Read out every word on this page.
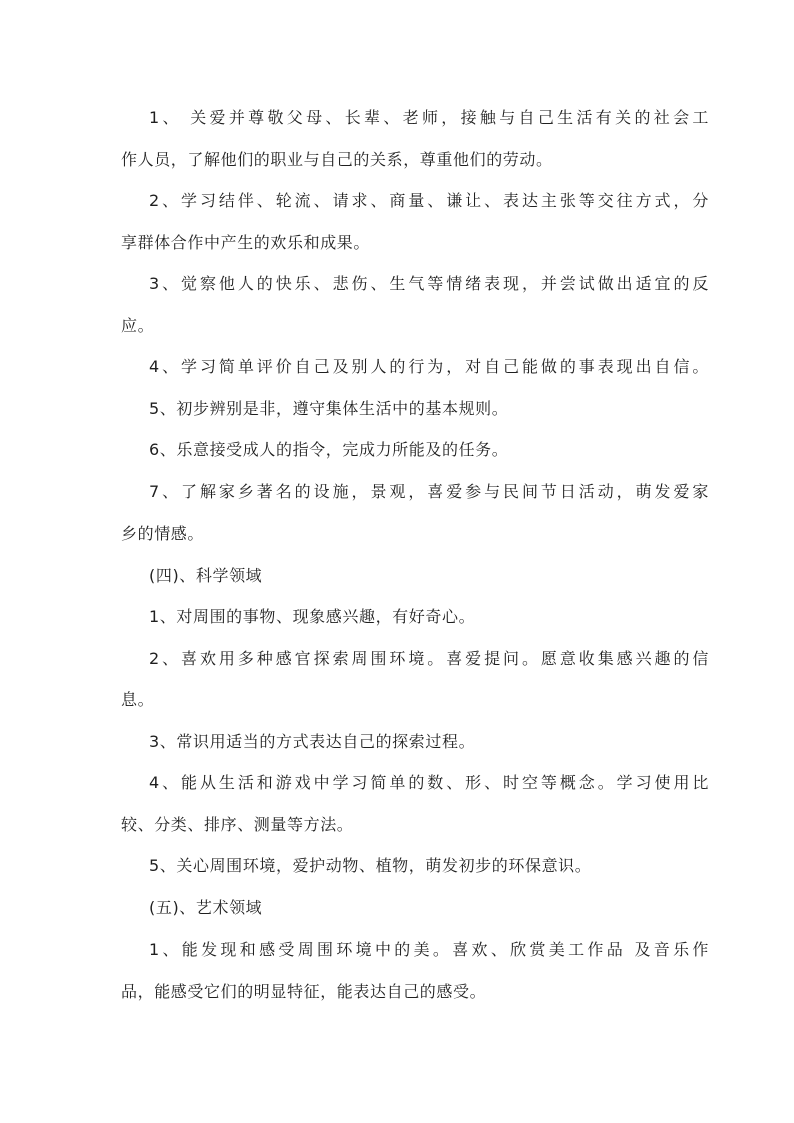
1、 关爱并尊敬父母、长辈、老师，接触与自己生活有关的社会工
作人员，了解他们的职业与自己的关系，尊重他们的劳动。
2、学习结伴、轮流、请求、商量、谦让、表达主张等交往方式，分
享群体合作中产生的欢乐和成果。
3、觉察他人的快乐、悲伤、生气等情绪表现，并尝试做出适宜的反
应。
4、学习简单评价自己及别人的行为，对自己能做的事表现出自信。
5、初步辨别是非，遵守集体生活中的基本规则。
6、乐意接受成人的指令，完成力所能及的任务。
7、了解家乡著名的设施，景观，喜爱参与民间节日活动，萌发爱家
乡的情感。
(四)、科学领域
1、对周围的事物、现象感兴趣，有好奇心。
2、喜欢用多种感官探索周围环境。喜爱提问。愿意收集感兴趣的信
息。
3、常识用适当的方式表达自己的探索过程。
4、能从生活和游戏中学习简单的数、形、时空等概念。学习使用比
较、分类、排序、测量等方法。
5、关心周围环境，爱护动物、植物，萌发初步的环保意识。
(五)、艺术领域
1、能发现和感受周围环境中的美。喜欢、欣赏美工作品 及音乐作
品，能感受它们的明显特征，能表达自己的感受。
